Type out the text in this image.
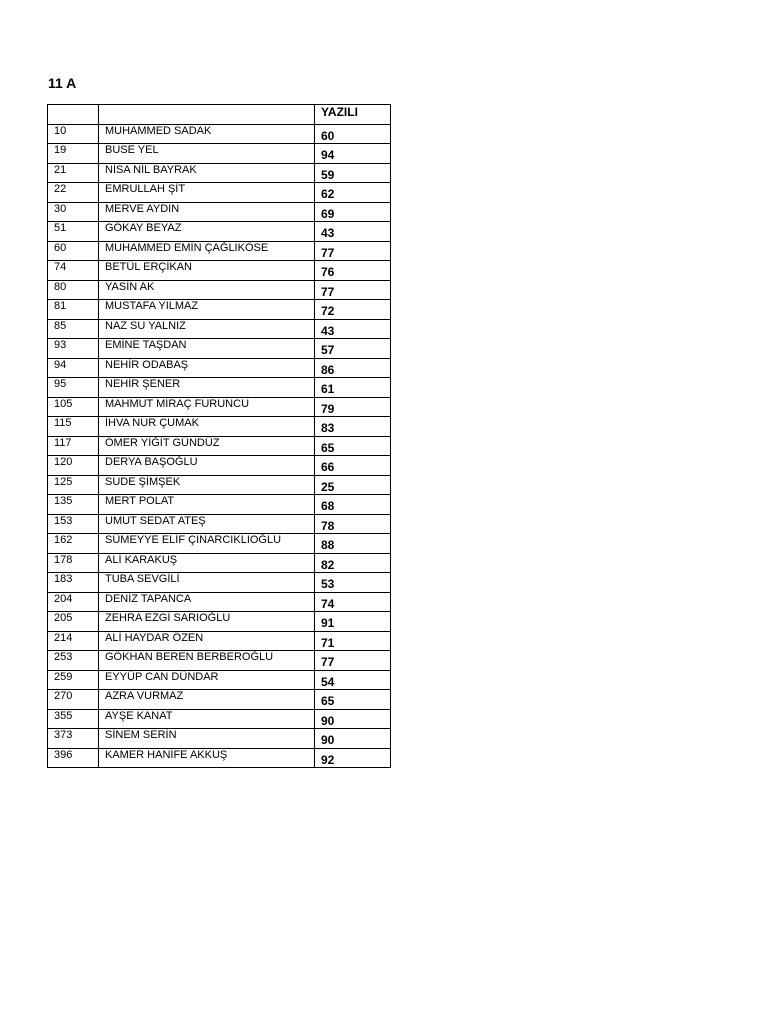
11 A
		YAZILI
10	MUHAMMED SADAK	60
19	BUSE YEL	94
21	NİSA NİL BAYRAK	59
22	EMRULLAH ŞİT	62
30	MERVE AYDIN	69
51	GÖKAY BEYAZ	43
60	MUHAMMED EMİN ÇAĞLIKÖSE	77
74	BETÜL ERÇİKAN	76
80	YASİN AK	77
81	MUSTAFA YILMAZ	72
85	NAZ SU YALNIZ	43
93	EMİNE TAŞDAN	57
94	NEHİR ODABAŞ	86
95	NEHİR ŞENER	61
105	MAHMUT MİRAÇ FURUNCU	79
115	İHVA NUR ÇUMAK	83
117	ÖMER YİĞİT GÜNDÜZ	65
120	DERYA BAŞOĞLU	66
125	SUDE ŞİMŞEK	25
135	MERT POLAT	68
153	UMUT SEDAT ATEŞ	78
162	SÜMEYYE ELİF ÇINARCIKLIOĞLU	88
178	ALİ KARAKUŞ	82
183	TUBA SEVGİLİ	53
204	DENİZ TAPANCA	74
205	ZEHRA EZGİ SARIOĞLU	91
214	ALİ HAYDAR ÖZEN	71
253	GÖKHAN BEREN BERBEROĞLU	77
259	EYYÜP CAN DÜNDAR	54
270	AZRA VURMAZ	65
355	AYŞE KANAT	90
373	SİNEM SERİN	90
396	KAMER HANİFE AKKUŞ	92
